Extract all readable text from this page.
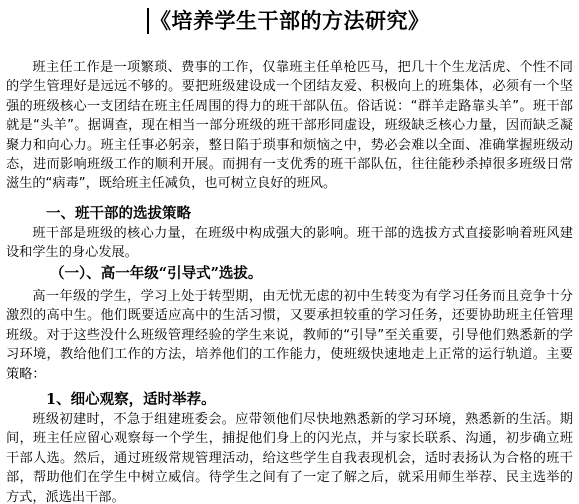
《培养学生干部的方法研究》

班主任工作是一项繁琐、费事的工作，仅靠班主任单枪匹马，把几十个生龙活虎、个性不同的学生管理好是远远不够的。要把班级建设成一个团结友爱、积极向上的班集体，必须有一个坚强的班级核心一支团结在班主任周围的得力的班干部队伍。俗话说：“群羊走路靠头羊”。班干部就是“头羊”。据调查，现在相当一部分班级的班干部形同虚设，班级缺乏核心力量，因而缺乏凝聚力和向心力。班主任事必躬亲，整日陷于琐事和烦恼之中，势必会难以全面、准确掌握班级动态，进而影响班级工作的顺利开展。而拥有一支优秀的班干部队伍，往往能秒杀掉很多班级日常滋生的“病毒”，既给班主任减负，也可树立良好的班风。

一、班干部的选拔策略

班干部是班级的核心力量，在班级中构成强大的影响。班干部的选拔方式直接影响着班风建设和学生的身心发展。

（一）、高一年级“引导式”选拔。

高一年级的学生，学习上处于转型期，由无忧无虑的初中生转变为有学习任务而且竞争十分激烈的高中生。他们既要适应高中的生活习惯，又要承担较重的学习任务，还要协助班主任管理班级。对于这些没什么班级管理经验的学生来说，教师的“引导”至关重要，引导他们熟悉新的学习环境，教给他们工作的方法，培养他们的工作能力，使班级快速地走上正常的运行轨道。主要策略：

1、细心观察，适时举荐。

班级初建时，不急于组建班委会。应带领他们尽快地熟悉新的学习环境，熟悉新的生活。期间，班主任应留心观察每一个学生，捕捉他们身上的闪光点，并与家长联系、沟通，初步确立班干部人选。然后，通过班级常规管理活动，给这些学生自我表现机会，适时表扬认为合格的班干部，帮助他们在学生中树立威信。待学生之间有了一定了解之后，就采用师生举荐、民主选举的方式，派选出干部。
